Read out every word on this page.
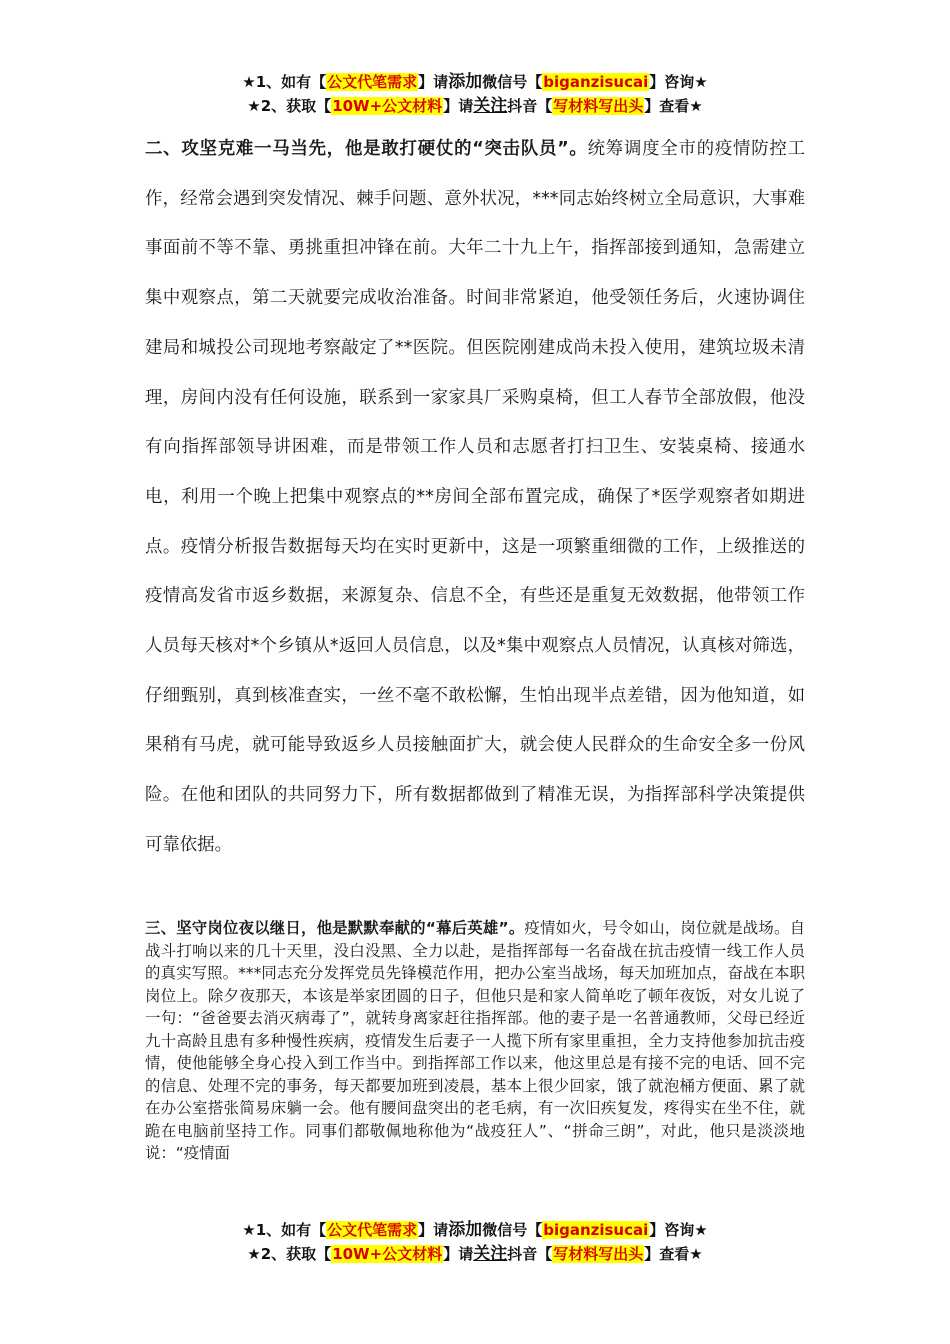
★1、如有【公文代笔需求】请添加微信号【biganzisucai】咨询★
★2、获取【10W+公文材料】请关注抖音【写材料写出头】查看★
二、攻坚克难一马当先，他是敢打硬仗的“突击队员”。统筹调度全市的疫情防控工作，经常会遇到突发情况、棘手问题、意外状况，***同志始终树立全局意识，大事难事面前不等不靠、勇挑重担冲锋在前。大年二十九上午，指挥部接到通知，急需建立集中观察点，第二天就要完成收治准备。时间非常紧迫，他受领任务后，火速协调住建局和城投公司现地考察敲定了**医院。但医院刚建成尚未投入使用，建筑垃圾未清理，房间内没有任何设施，联系到一家家具厂采购桌椅，但工人春节全部放假，他没有向指挥部领导讲困难，而是带领工作人员和志愿者打扫卫生、安装桌椅、接通水电，利用一个晚上把集中观察点的**房间全部布置完成，确保了*医学观察者如期进点。疫情分析报告数据每天均在实时更新中，这是一项繁重细微的工作，上级推送的疫情高发省市返乡数据，来源复杂、信息不全，有些还是重复无效数据，他带领工作人员每天核对*个乡镇从*返回人员信息，以及*集中观察点人员情况，认真核对筛选，仔细甄别，真到核准查实，一丝不毫不敢松懈，生怕出现半点差错，因为他知道，如果稍有马虎，就可能导致返乡人员接触面扩大，就会使人民群众的生命安全多一份风险。在他和团队的共同努力下，所有数据都做到了精准无误，为指挥部科学决策提供可靠依据。
三、坚守岗位夜以继日，他是默默奉献的“幕后英雄”。疫情如火，号令如山，岗位就是战场。自战斗打响以来的几十天里，没白没黑、全力以赴，是指挥部每一名奋战在抗击疫情一线工作人员的真实写照。***同志充分发挥党员先锋模范作用，把办公室当战场，每天加班加点，奋战在本职岗位上。除夕夜那天，本该是举家团圆的日子，但他只是和家人简单吃了顿年夜饭，对女儿说了一句：“爸爸要去消灭病毒了”，就转身离家赶往指挥部。他的妻子是一名普通教师，父母已经近九十高龄且患有多种慢性疾病，疫情发生后妻子一人揽下所有家里重担，全力支持他参加抗击疫情，使他能够全身心投入到工作当中。到指挥部工作以来，他这里总是有接不完的电话、回不完的信息、处理不完的事务，每天都要加班到凌晨，基本上很少回家，饿了就泡桶方便面、累了就在办公室搭张简易床躺一会。他有腰间盘突出的老毛病，有一次旧疾复发，疼得实在坐不住，就跪在电脑前坚持工作。同事们都敬佩地称他为“战疫狂人”、“拼命三朗”，对此，他只是淡淡地说：“疫情面
★1、如有【公文代笔需求】请添加微信号【biganzisucai】咨询★
★2、获取【10W+公文材料】请关注抖音【写材料写出头】查看★
